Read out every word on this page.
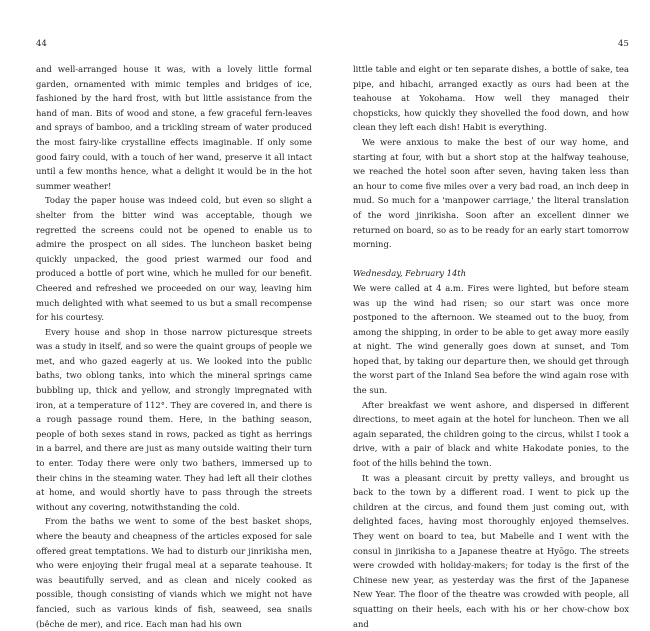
44

and well-arranged house it was, with a lovely little formal garden, ornamented with mimic temples and bridges of ice, fashioned by the hard frost, with but little assistance from the hand of man. Bits of wood and stone, a few graceful fern-leaves and sprays of bamboo, and a trickling stream of water produced the most fairy-like crystalline effects imaginable. If only some good fairy could, with a touch of her wand, preserve it all intact until a few months hence, what a delight it would be in the hot summer weather!

Today the paper house was indeed cold, but even so slight a shelter from the bitter wind was acceptable, though we regretted the screens could not be opened to enable us to admire the prospect on all sides. The luncheon basket being quickly unpacked, the good priest warmed our food and produced a bottle of port wine, which he mulled for our benefit. Cheered and refreshed we proceeded on our way, leaving him much delighted with what seemed to us but a small recompense for his courtesy.

Every house and shop in those narrow picturesque streets was a study in itself, and so were the quaint groups of people we met, and who gazed eagerly at us. We looked into the public baths, two oblong tanks, into which the mineral springs came bubbling up, thick and yellow, and strongly impregnated with iron, at a temperature of 112°. They are covered in, and there is a rough passage round them. Here, in the bathing season, people of both sexes stand in rows, packed as tight as herrings in a barrel, and there are just as many outside waiting their turn to enter. Today there were only two bathers, immersed up to their chins in the steaming water. They had left all their clothes at home, and would shortly have to pass through the streets without any covering, notwithstanding the cold.

From the baths we went to some of the best basket shops, where the beauty and cheapness of the articles exposed for sale offered great temptations. We had to disturb our jinrikisha men, who were enjoying their frugal meal at a separate teahouse. It was beautifully served, and as clean and nicely cooked as possible, though consisting of viands which we might not have fancied, such as various kinds of fish, seaweed, sea snails (bêche de mer), and rice. Each man had his own

45

little table and eight or ten separate dishes, a bottle of sake, tea pipe, and hibachi, arranged exactly as ours had been at the teahouse at Yokohama. How well they managed their chopsticks, how quickly they shovelled the food down, and how clean they left each dish! Habit is everything.

We were anxious to make the best of our way home, and starting at four, with but a short stop at the halfway teahouse, we reached the hotel soon after seven, having taken less than an hour to come five miles over a very bad road, an inch deep in mud. So much for a 'manpower carriage,' the literal translation of the word jinrikisha. Soon after an excellent dinner we returned on board, so as to be ready for an early start tomorrow morning.

Wednesday, February 14th

We were called at 4 a.m. Fires were lighted, but before steam was up the wind had risen; so our start was once more postponed to the afternoon. We steamed out to the buoy, from among the shipping, in order to be able to get away more easily at night. The wind generally goes down at sunset, and Tom hoped that, by taking our departure then, we should get through the worst part of the Inland Sea before the wind again rose with the sun.

After breakfast we went ashore, and dispersed in different directions, to meet again at the hotel for luncheon. Then we all again separated, the children going to the circus, whilst I took a drive, with a pair of black and white Hakodate ponies, to the foot of the hills behind the town.

It was a pleasant circuit by pretty valleys, and brought us back to the town by a different road. I went to pick up the children at the circus, and found them just coming out, with delighted faces, having most thoroughly enjoyed themselves. They went on board to tea, but Mabelle and I went with the consul in jinrikisha to a Japanese theatre at Hyōgo. The streets were crowded with holiday-makers; for today is the first of the Chinese new year, as yesterday was the first of the Japanese New Year. The floor of the theatre was crowded with people, all squatting on their heels, each with his or her chow-chow box and
